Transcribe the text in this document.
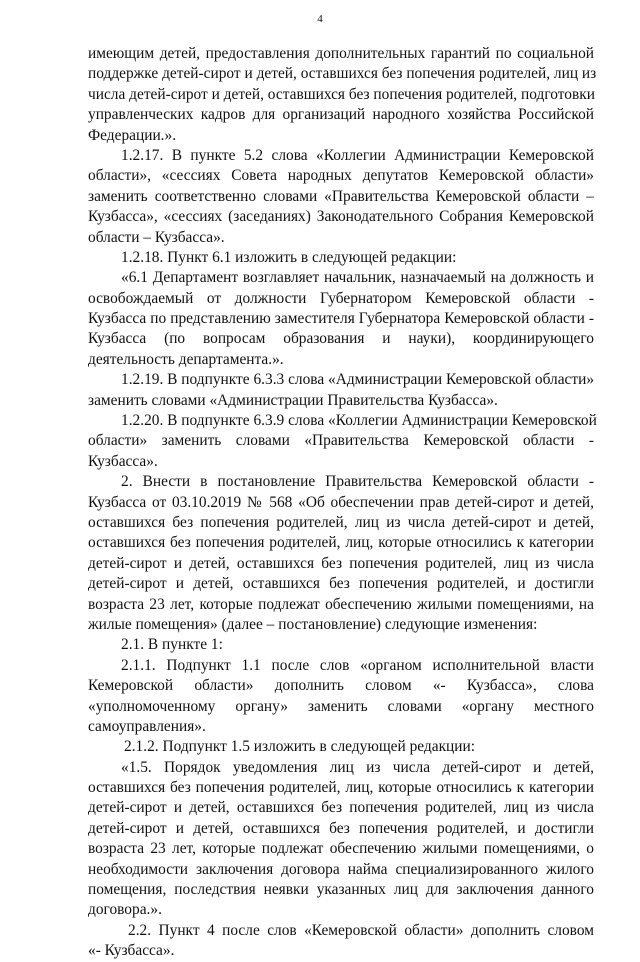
4
имеющим детей, предоставления дополнительных гарантий по социальной
поддержке детей-сирот и детей, оставшихся без попечения родителей, лиц из
числа детей-сирот и детей, оставшихся без попечения родителей, подготовки
управленческих кадров для организаций народного хозяйства Российской
Федерации.».
1.2.17. В пункте 5.2 слова «Коллегии Администрации Кемеровской
области», «сессиях Совета народных депутатов Кемеровской области»
заменить соответственно словами «Правительства Кемеровской области –
Кузбасса», «сессиях (заседаниях) Законодательного Собрания Кемеровской
области – Кузбасса».
1.2.18. Пункт 6.1 изложить в следующей редакции:
«6.1 Департамент возглавляет начальник, назначаемый на должность и
освобождаемый от должности Губернатором Кемеровской области -
Кузбасса по представлению заместителя Губернатора Кемеровской области -
Кузбасса (по вопросам образования и науки), координирующего
деятельность департамента.».
1.2.19. В подпункте 6.3.3 слова «Администрации Кемеровской области»
заменить словами «Администрации Правительства Кузбасса».
1.2.20. В подпункте 6.3.9 слова «Коллегии Администрации Кемеровской
области» заменить словами «Правительства Кемеровской области -
Кузбасса».
2. Внести в постановление Правительства Кемеровской области -
Кузбасса от 03.10.2019 № 568 «Об обеспечении прав детей-сирот и детей,
оставшихся без попечения родителей, лиц из числа детей-сирот и детей,
оставшихся без попечения родителей, лиц, которые относились к категории
детей-сирот и детей, оставшихся без попечения родителей, лиц из числа
детей-сирот и детей, оставшихся без попечения родителей, и достигли
возраста 23 лет, которые подлежат обеспечению жилыми помещениями, на
жилые помещения» (далее – постановление) следующие изменения:
2.1. В пункте 1:
2.1.1. Подпункт 1.1 после слов «органом исполнительной власти
Кемеровской области» дополнить словом «- Кузбасса», слова
«уполномоченному органу» заменить словами «органу местного
самоуправления».
2.1.2. Подпункт 1.5 изложить в следующей редакции:
«1.5. Порядок уведомления лиц из числа детей-сирот и детей,
оставшихся без попечения родителей, лиц, которые относились к категории
детей-сирот и детей, оставшихся без попечения родителей, лиц из числа
детей-сирот и детей, оставшихся без попечения родителей, и достигли
возраста 23 лет, которые подлежат обеспечению жилыми помещениями, о
необходимости заключения договора найма специализированного жилого
помещения, последствия неявки указанных лиц для заключения данного
договора.».
2.2. Пункт 4 после слов «Кемеровской области» дополнить словом
«- Кузбасса».
